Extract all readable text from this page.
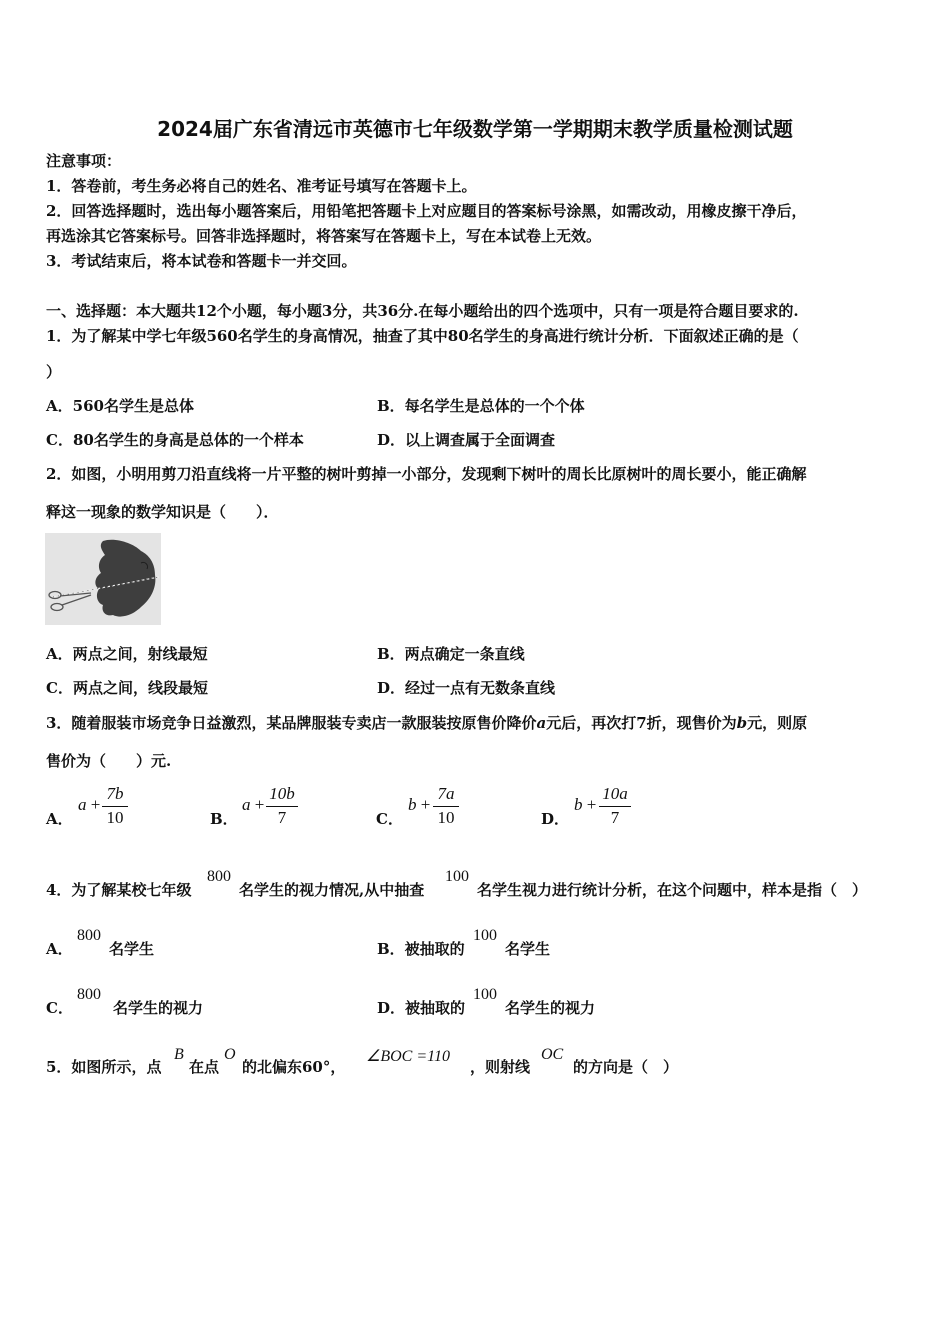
2024届广东省清远市英德市七年级数学第一学期期末教学质量检测试题
注意事项：
1．答卷前，考生务必将自己的姓名、准考证号填写在答题卡上。
2．回答选择题时，选出每小题答案后，用铅笔把答题卡上对应题目的答案标号涂黑，如需改动，用橡皮擦干净后，
再选涂其它答案标号。回答非选择题时，将答案写在答题卡上，写在本试卷上无效。
3．考试结束后，将本试卷和答题卡一并交回。
一、选择题：本大题共12个小题，每小题3分，共36分.在每小题给出的四个选项中，只有一项是符合题目要求的.
1．为了解某中学七年级560名学生的身高情况，抽查了其中80名学生的身高进行统计分析．下面叙述正确的是（
）
A．560名学生是总体	B．每名学生是总体的一个个体
C．80名学生的身高是总体的一个样本	D．以上调查属于全面调查
2．如图，小明用剪刀沿直线将一片平整的树叶剪掉一小部分，发现剩下树叶的周长比原树叶的周长要小，能正确解
释这一现象的数学知识是（　　）．
A．两点之间，射线最短	B．两点确定一条直线
C．两点之间，线段最短	D．经过一点有无数条直线
3．随着服装市场竞争日益激烈，某品牌服装专卖店一款服装按原售价降价a元后，再次打7折，现售价为b元，则原
售价为（　　）元.
A．
a +
7b
10	B．
a +
10b
7	C．
b +
7a
10	D．
b +
10a
7
4．为了解某校七年级
800
名学生的视力情况,从中抽查
100
名学生视力进行统计分析，在这个问题中，样本是指（　）
A．
800
名学生	B．被抽取的
100
名学生
C．
800
名学生的视力	D．被抽取的
100
名学生的视力
5．如图所示，点
B
在点
O
的北偏东60°，
∠BOC =110
，则射线
OC
的方向是（　）
